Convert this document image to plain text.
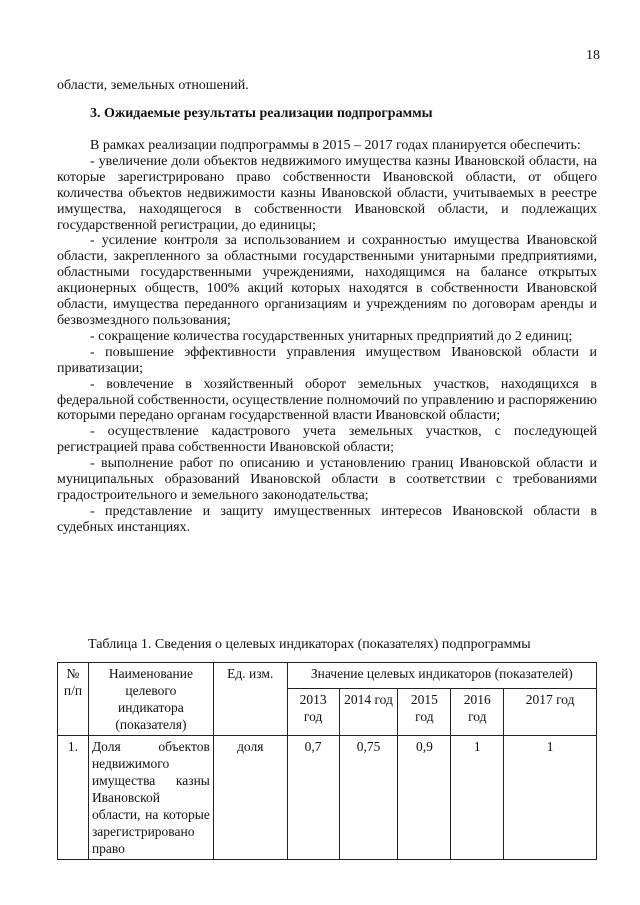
18
области, земельных отношений.
3. Ожидаемые результаты реализации подпрограммы

В рамках реализации подпрограммы в 2015 – 2017 годах планируется обеспечить:

- увеличение доли объектов недвижимого имущества казны Ивановской области, на которые зарегистрировано право собственности Ивановской области, от общего количества объектов недвижимости казны Ивановской области, учитываемых в реестре имущества, находящегося в собственности Ивановской области, и подлежащих государственной регистрации, до единицы;

- усиление контроля за использованием и сохранностью имущества Ивановской области, закрепленного за областными государственными унитарными предприятиями, областными государственными учреждениями, находящимся на балансе открытых акционерных обществ, 100% акций которых находятся в собственности Ивановской области, имущества переданного организациям и учреждениям по договорам аренды и безвозмездного пользования;

- сокращение количества государственных унитарных предприятий до 2 единиц;

- повышение эффективности управления имуществом Ивановской области и приватизации;

- вовлечение в хозяйственный оборот земельных участков, находящихся в федеральной собственности, осуществление полномочий по управлению и распоряжению которыми передано органам государственной власти Ивановской области;

- осуществление кадастрового учета земельных участков, с последующей регистрацией права собственности Ивановской области;

- выполнение работ по описанию и установлению границ Ивановской области и муниципальных образований Ивановской области в соответствии с требованиями градостроительного и земельного законодательства;

- представление и защиту имущественных интересов Ивановской области в судебных инстанциях.

Таблица 1. Сведения о целевых индикаторах (показателях) подпрограммы
№ п/п	Наименование целевого индикатора (показателя)	Ед. изм.	Значение целевых индикаторов (показателей)				
			2013 год	2014 год	2015 год	2016 год	2017 год
1.	Доля объектов недвижимого имущества казны Ивановской области, на которые зарегистрировано право	доля	0,7	0,75	0,9	1	1
